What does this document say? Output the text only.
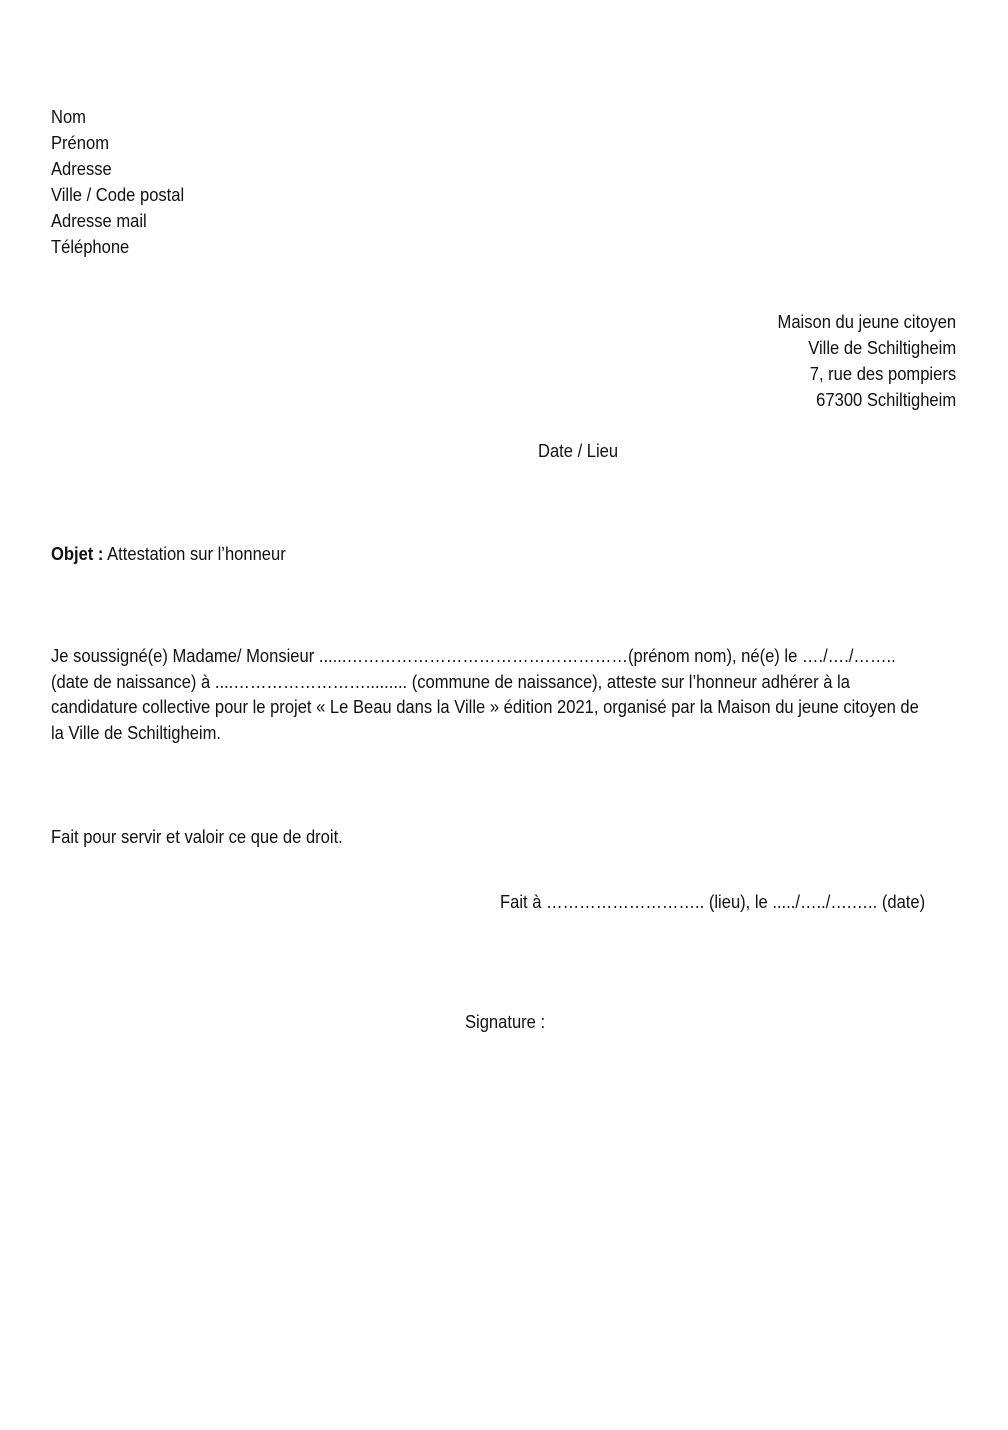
Nom
Prénom
Adresse
Ville / Code postal
Adresse mail
Téléphone
Maison du jeune citoyen
Ville de Schiltigheim
7, rue des pompiers
67300 Schiltigheim
Date / Lieu
Objet : Attestation sur l’honneur
Je soussigné(e) Madame/ Monsieur ......……………………………………………(prénom nom), né(e) le …./…./……..
(date de naissance) à ....……………………......... (commune de naissance), atteste sur l’honneur adhérer à la
candidature collective pour le projet « Le Beau dans la Ville » édition 2021, organisé par la Maison du jeune citoyen de
la Ville de Schiltigheim.
Fait pour servir et valoir ce que de droit.
Fait à ……………………….. (lieu), le ...../…../….….. (date)
Signature :
